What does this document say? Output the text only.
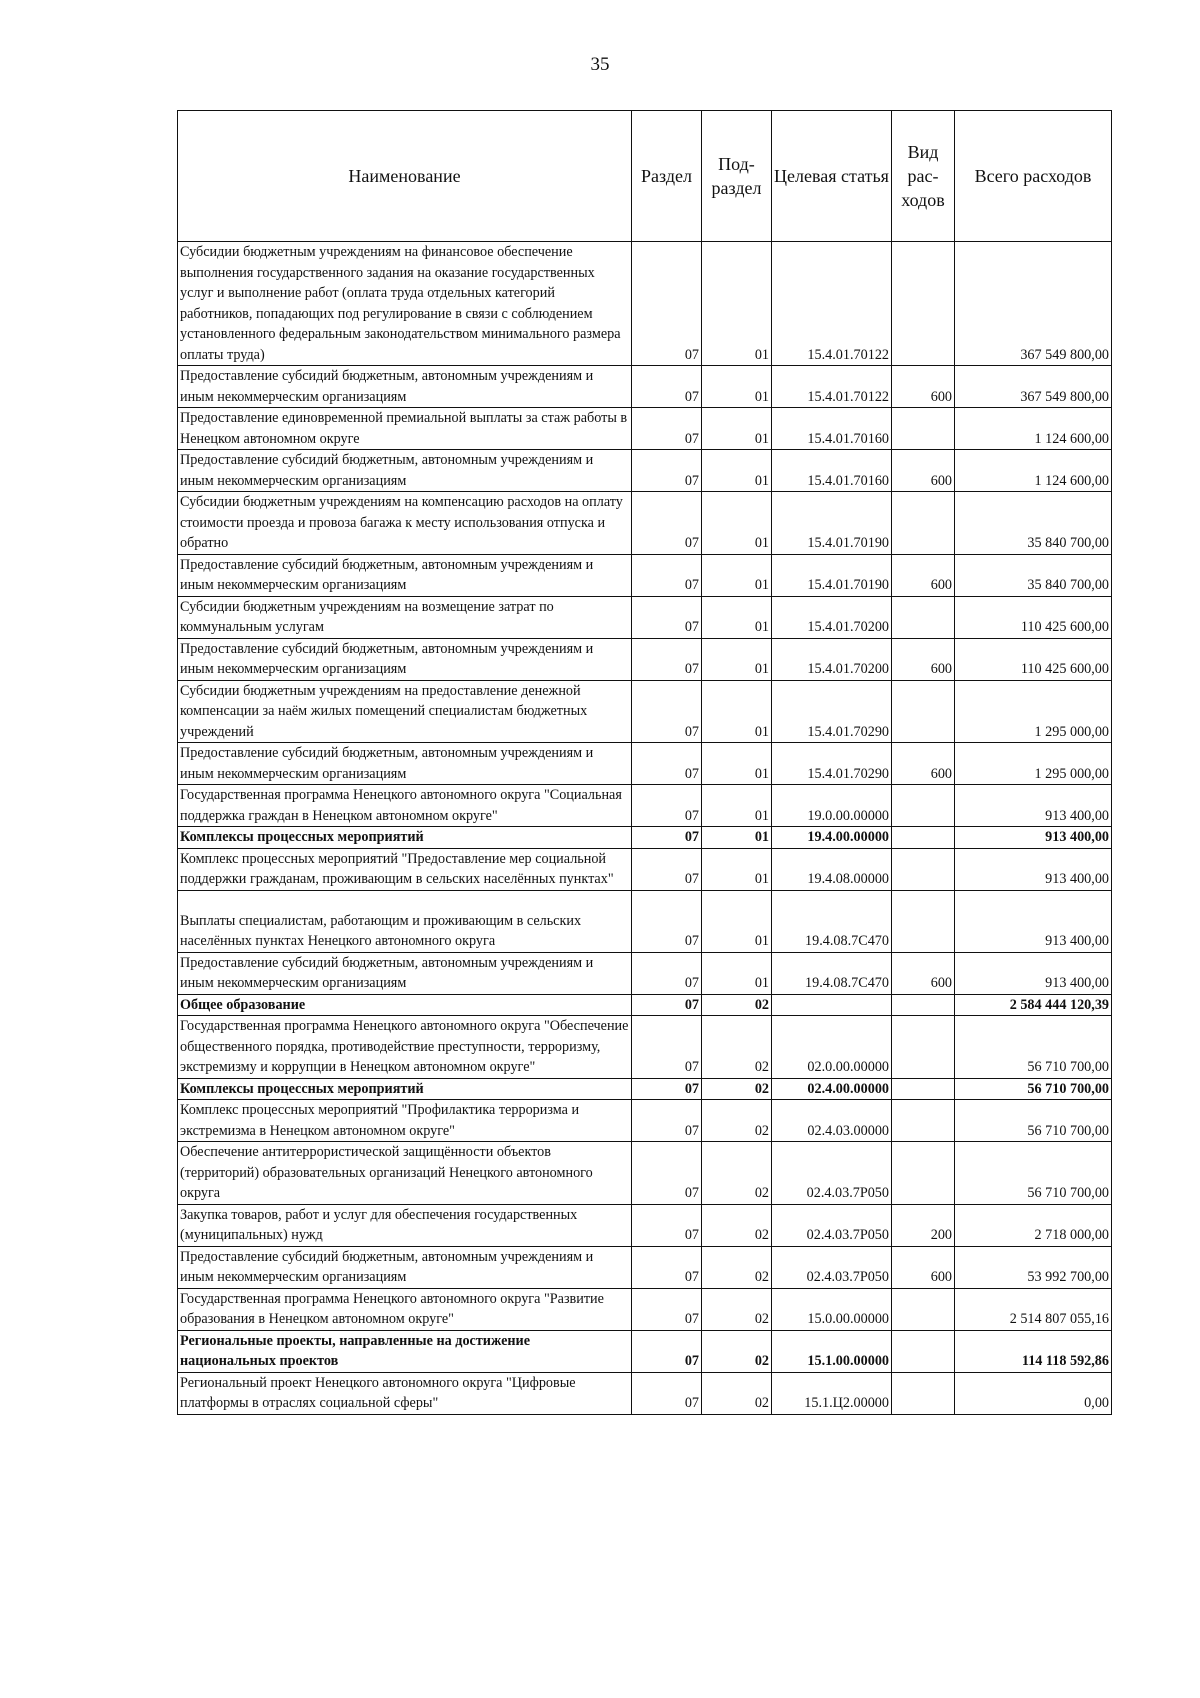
35
Наименование	Раздел	Под-раздел	Целевая статья	Вид рас-ходов	Всего расходов
Субсидии бюджетным учреждениям на финансовое обеспечение выполнения государственного задания на оказание государственных услуг и выполнение работ (оплата труда отдельных категорий работников, попадающих под регулирование в связи с соблюдением установленного федеральным законодательством минимального размера оплаты труда)	07	01	15.4.01.70122		367 549 800,00
Предоставление субсидий бюджетным, автономным учреждениям и иным некоммерческим организациям	07	01	15.4.01.70122	600	367 549 800,00
Предоставление единовременной премиальной выплаты за стаж работы в Ненецком автономном округе	07	01	15.4.01.70160		1 124 600,00
Предоставление субсидий бюджетным, автономным учреждениям и иным некоммерческим организациям	07	01	15.4.01.70160	600	1 124 600,00
Субсидии бюджетным учреждениям на компенсацию расходов на оплату стоимости проезда и провоза багажа к месту использования отпуска и обратно	07	01	15.4.01.70190		35 840 700,00
Предоставление субсидий бюджетным, автономным учреждениям и иным некоммерческим организациям	07	01	15.4.01.70190	600	35 840 700,00
Субсидии бюджетным учреждениям на возмещение затрат по коммунальным услугам	07	01	15.4.01.70200		110 425 600,00
Предоставление субсидий бюджетным, автономным учреждениям и иным некоммерческим организациям	07	01	15.4.01.70200	600	110 425 600,00
Субсидии бюджетным учреждениям на предоставление денежной компенсации за наём жилых помещений специалистам бюджетных учреждений	07	01	15.4.01.70290		1 295 000,00
Предоставление субсидий бюджетным, автономным учреждениям и иным некоммерческим организациям	07	01	15.4.01.70290	600	1 295 000,00
Государственная программа Ненецкого автономного округа "Социальная поддержка граждан в Ненецком автономном округе"	07	01	19.0.00.00000		913 400,00
Комплексы процессных мероприятий	07	01	19.4.00.00000		913 400,00
Комплекс процессных мероприятий "Предоставление мер социальной поддержки гражданам, проживающим в сельских населённых пунктах"	07	01	19.4.08.00000		913 400,00
Выплаты специалистам, работающим и проживающим в сельских населённых пунктах Ненецкого автономного округа	07	01	19.4.08.7С470		913 400,00
Предоставление субсидий бюджетным, автономным учреждениям и иным некоммерческим организациям	07	01	19.4.08.7С470	600	913 400,00
Общее образование	07	02			2 584 444 120,39
Государственная программа Ненецкого автономного округа "Обеспечение общественного порядка, противодействие преступности, терроризму, экстремизму и коррупции в Ненецком автономном округе"	07	02	02.0.00.00000		56 710 700,00
Комплексы процессных мероприятий	07	02	02.4.00.00000		56 710 700,00
Комплекс процессных мероприятий "Профилактика терроризма и экстремизма в Ненецком автономном округе"	07	02	02.4.03.00000		56 710 700,00
Обеспечение антитеррористической защищённости объектов (территорий) образовательных организаций Ненецкого автономного округа	07	02	02.4.03.7Р050		56 710 700,00
Закупка товаров, работ и услуг для обеспечения государственных (муниципальных) нужд	07	02	02.4.03.7Р050	200	2 718 000,00
Предоставление субсидий бюджетным, автономным учреждениям и иным некоммерческим организациям	07	02	02.4.03.7Р050	600	53 992 700,00
Государственная программа Ненецкого автономного округа "Развитие образования в Ненецком автономном округе"	07	02	15.0.00.00000		2 514 807 055,16
Региональные проекты, направленные на достижение национальных проектов	07	02	15.1.00.00000		114 118 592,86
Региональный проект Ненецкого автономного округа "Цифровые платформы в отраслях социальной сферы"	07	02	15.1.Ц2.00000		0,00
